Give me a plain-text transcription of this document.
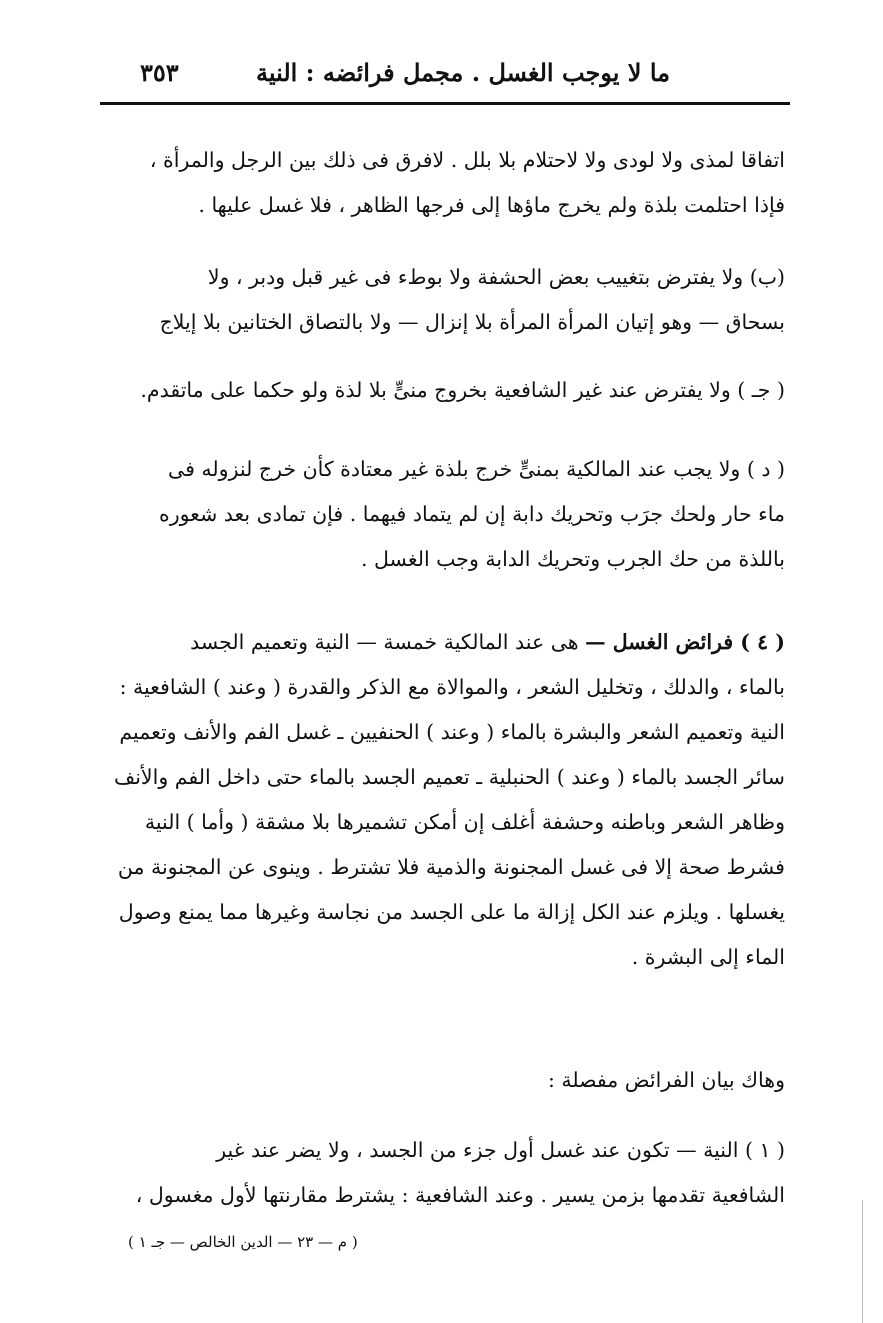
ما لا يوجب الغسل . مجمل فرائضه : النية
٣٥٣
اتفاقا لمذى ولا لودى ولا لاحتلام بلا بلل . لافرق فى ذلك بين الرجل والمرأة ،
فإذا احتلمت بلذة ولم يخرج ماؤها إلى فرجها الظاهر ، فلا غسل عليها .
(ب) ولا يفترض بتغييب بعض الحشفة ولا بوطء فى غير قبل ودبر ، ولا
بسحاق — وهو إتيان المرأة المرأة بلا إنزال — ولا بالتصاق الختانين بلا إيلاج
( جـ ) ولا يفترض عند غير الشافعية بخروج منىٍّ بلا لذة ولو حكما على ماتقدم.
( د ) ولا يجب عند المالكية بمنىٍّ خرج بلذة غير معتادة كأن خرج لنزوله فى
ماء حار ولحك جرَب وتحريك دابة إن لم يتماد فيهما . فإن تمادى بعد شعوره
باللذة من حك الجرب وتحريك الدابة وجب الغسل .
( ٤ ) فرائض الغسل — هى عند المالكية خمسة — النية وتعميم الجسد
بالماء ، والدلك ، وتخليل الشعر ، والموالاة مع الذكر والقدرة ( وعند ) الشافعية :
النية وتعميم الشعر والبشرة بالماء ( وعند ) الحنفيين ـ غسل الفم والأنف وتعميم
سائر الجسد بالماء ( وعند ) الحنبلية ـ تعميم الجسد بالماء حتى داخل الفم والأنف
وظاهر الشعر وباطنه وحشفة أغلف إن أمكن تشميرها بلا مشقة ( وأما ) النية
فشرط صحة إلا فى غسل المجنونة والذمية فلا تشترط . وينوى عن المجنونة من
يغسلها . ويلزم عند الكل إزالة ما على الجسد من نجاسة وغيرها مما يمنع وصول
الماء إلى البشرة .
وهاك بيان الفرائض مفصلة :
( ١ ) النية — تكون عند غسل أول جزء من الجسد ، ولا يضر عند غير
الشافعية تقدمها بزمن يسير . وعند الشافعية : يشترط مقارنتها لأول مغسول ،
( م — ٢٣ — الدين الخالص — جـ ١ )
